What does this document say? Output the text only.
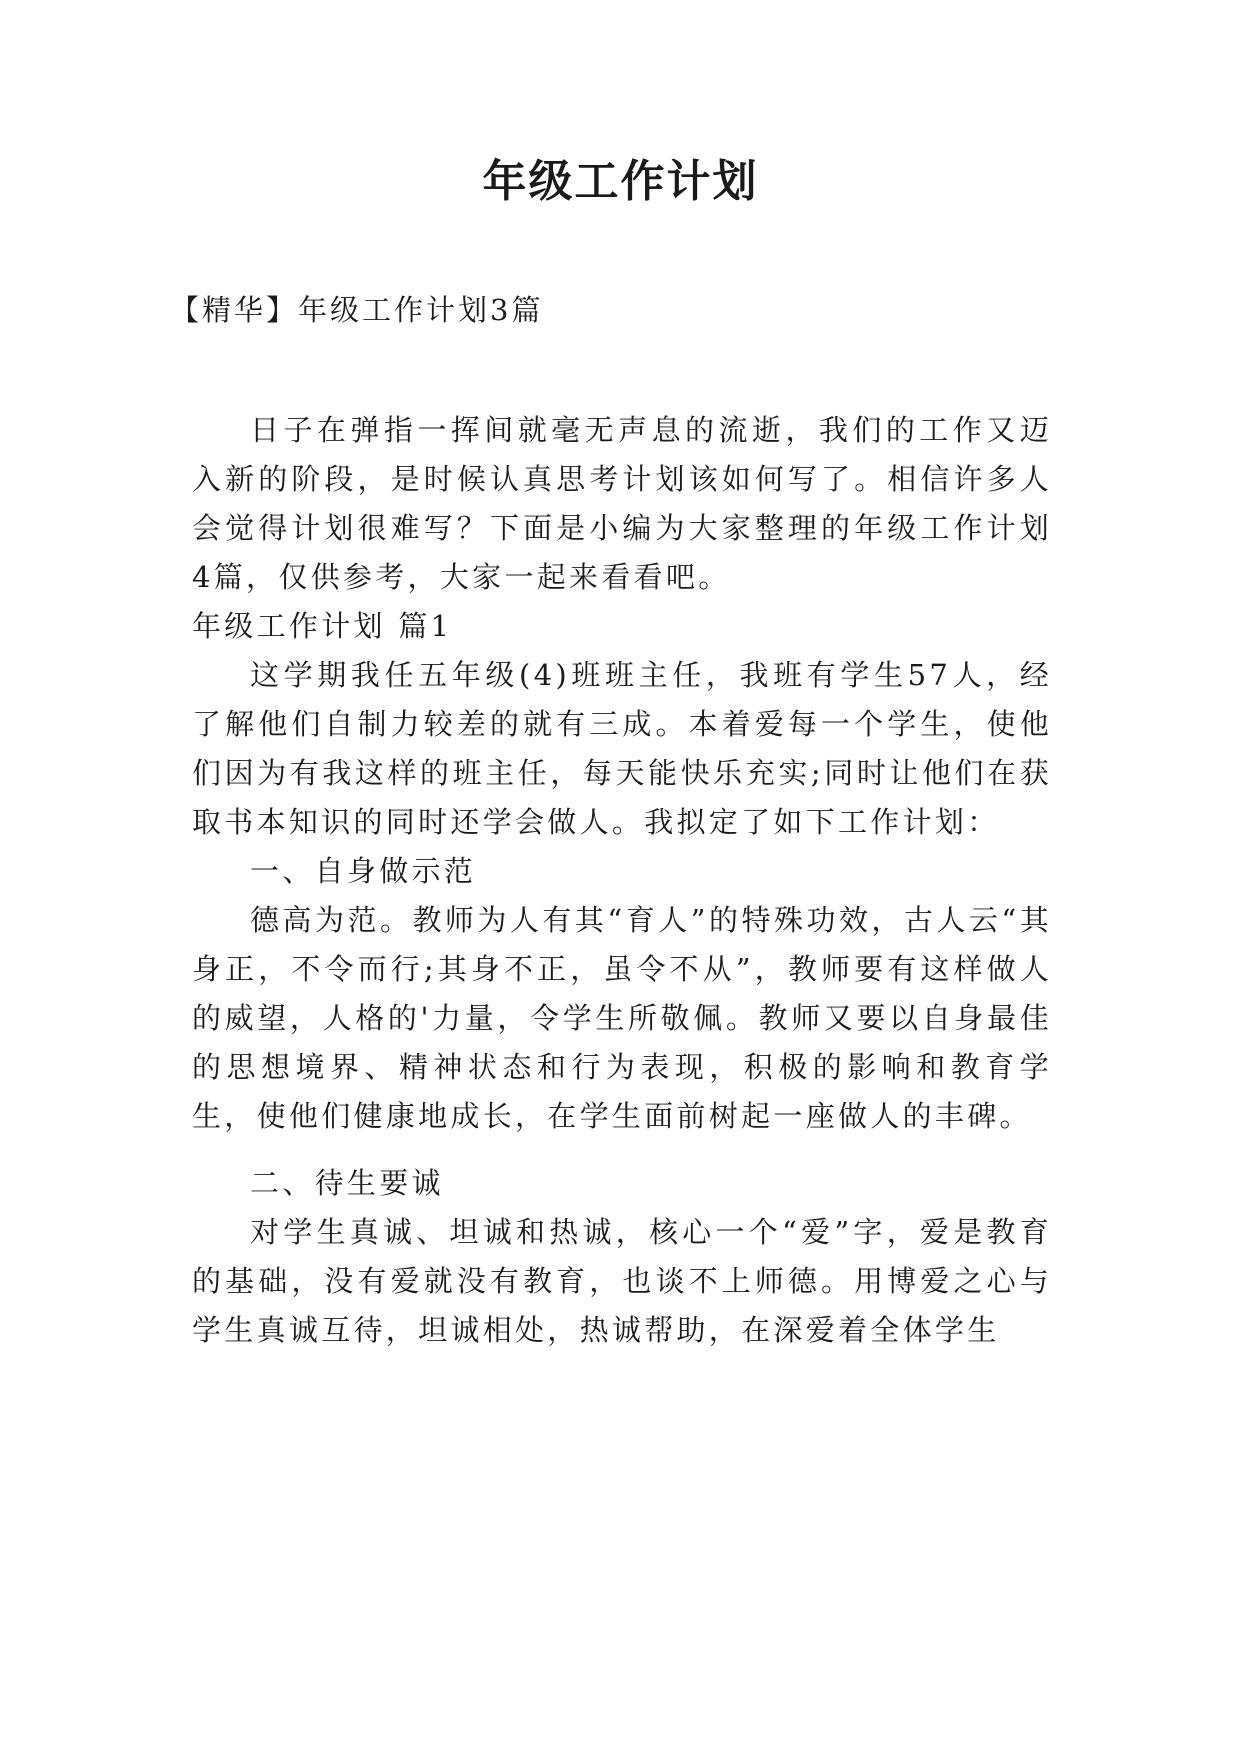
年级工作计划

【精华】年级工作计划3篇

日子在弹指一挥间就毫无声息的流逝，我们的工作又迈入新的阶段，是时候认真思考计划该如何写了。相信许多人会觉得计划很难写？下面是小编为大家整理的年级工作计划4篇，仅供参考，大家一起来看看吧。

年级工作计划 篇1

这学期我任五年级(4)班班主任，我班有学生57人，经了解他们自制力较差的就有三成。本着爱每一个学生，使他们因为有我这样的班主任，每天能快乐充实;同时让他们在获取书本知识的同时还学会做人。我拟定了如下工作计划：

一、自身做示范

德高为范。教师为人有其“育人”的特殊功效，古人云“其身正，不令而行;其身不正，虽令不从”，教师要有这样做人的威望，人格的'力量，令学生所敬佩。教师又要以自身最佳的思想境界、精神状态和行为表现，积极的影响和教育学生，使他们健康地成长，在学生面前树起一座做人的丰碑。

二、待生要诚

对学生真诚、坦诚和热诚，核心一个“爱”字，爱是教育的基础，没有爱就没有教育，也谈不上师德。用博爱之心与学生真诚互待，坦诚相处，热诚帮助，在深爱着全体学生
